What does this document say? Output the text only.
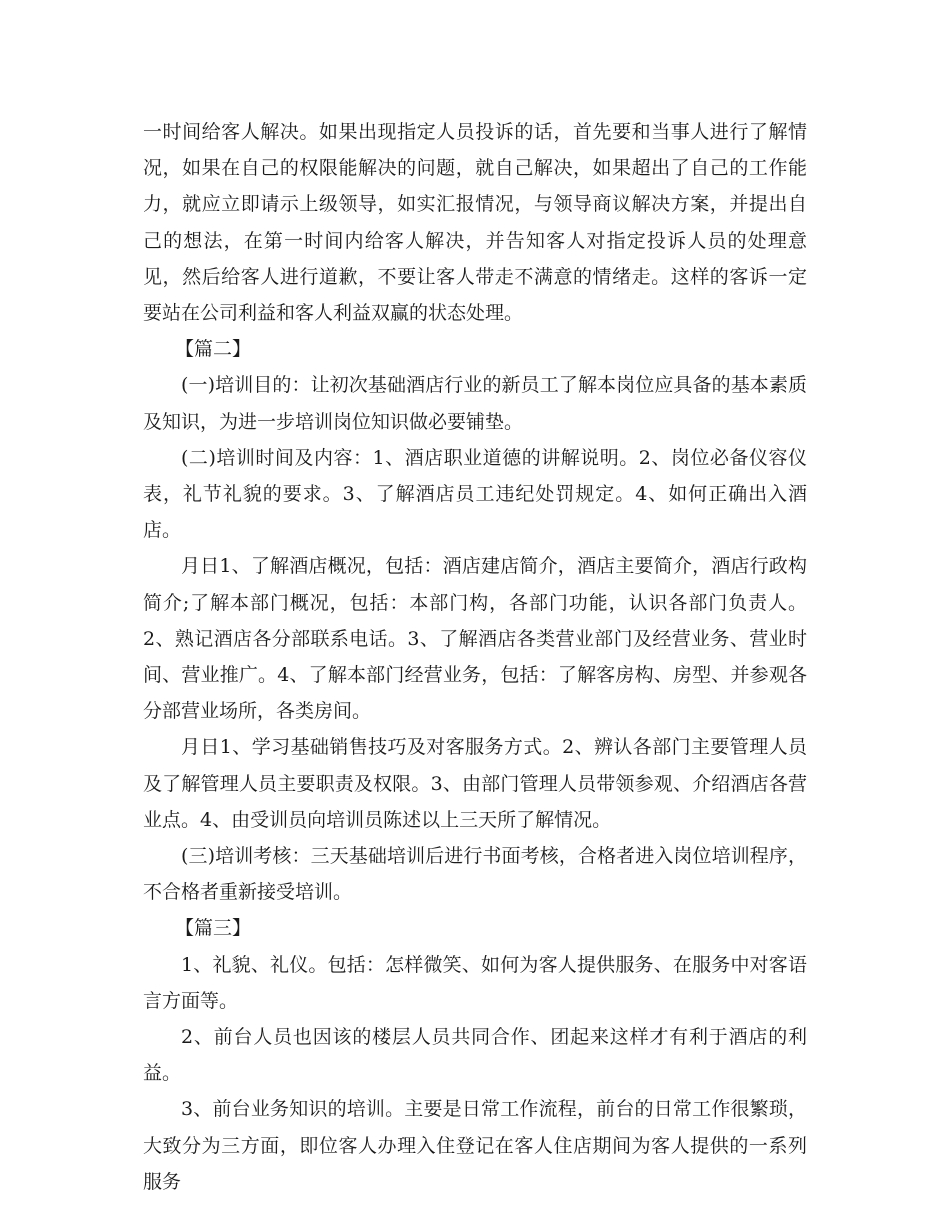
一时间给客人解决。如果出现指定人员投诉的话，首先要和当事人进行了解情况，如果在自己的权限能解决的问题，就自己解决，如果超出了自己的工作能力，就应立即请示上级领导，如实汇报情况，与领导商议解决方案，并提出自己的想法，在第一时间内给客人解决，并告知客人对指定投诉人员的处理意见，然后给客人进行道歉，不要让客人带走不满意的情绪走。这样的客诉一定要站在公司利益和客人利益双赢的状态处理。

【篇二】

(一)培训目的：让初次基础酒店行业的新员工了解本岗位应具备的基本素质及知识，为进一步培训岗位知识做必要铺垫。

(二)培训时间及内容：1、酒店职业道德的讲解说明。2、岗位必备仪容仪表，礼节礼貌的要求。3、了解酒店员工违纪处罚规定。4、如何正确出入酒店。

月日1、了解酒店概况，包括：酒店建店简介，酒店主要简介，酒店行政构简介;了解本部门概况，包括：本部门构，各部门功能，认识各部门负责人。2、熟记酒店各分部联系电话。3、了解酒店各类营业部门及经营业务、营业时间、营业推广。4、了解本部门经营业务，包括：了解客房构、房型、并参观各分部营业场所，各类房间。

月日1、学习基础销售技巧及对客服务方式。2、辨认各部门主要管理人员及了解管理人员主要职责及权限。3、由部门管理人员带领参观、介绍酒店各营业点。4、由受训员向培训员陈述以上三天所了解情况。

(三)培训考核：三天基础培训后进行书面考核，合格者进入岗位培训程序，不合格者重新接受培训。

【篇三】

1、礼貌、礼仪。包括：怎样微笑、如何为客人提供服务、在服务中对客语言方面等。

2、前台人员也因该的楼层人员共同合作、团起来这样才有利于酒店的利益。

3、前台业务知识的培训。主要是日常工作流程，前台的日常工作很繁琐，大致分为三方面，即位客人办理入住登记在客人住店期间为客人提供的一系列服务
